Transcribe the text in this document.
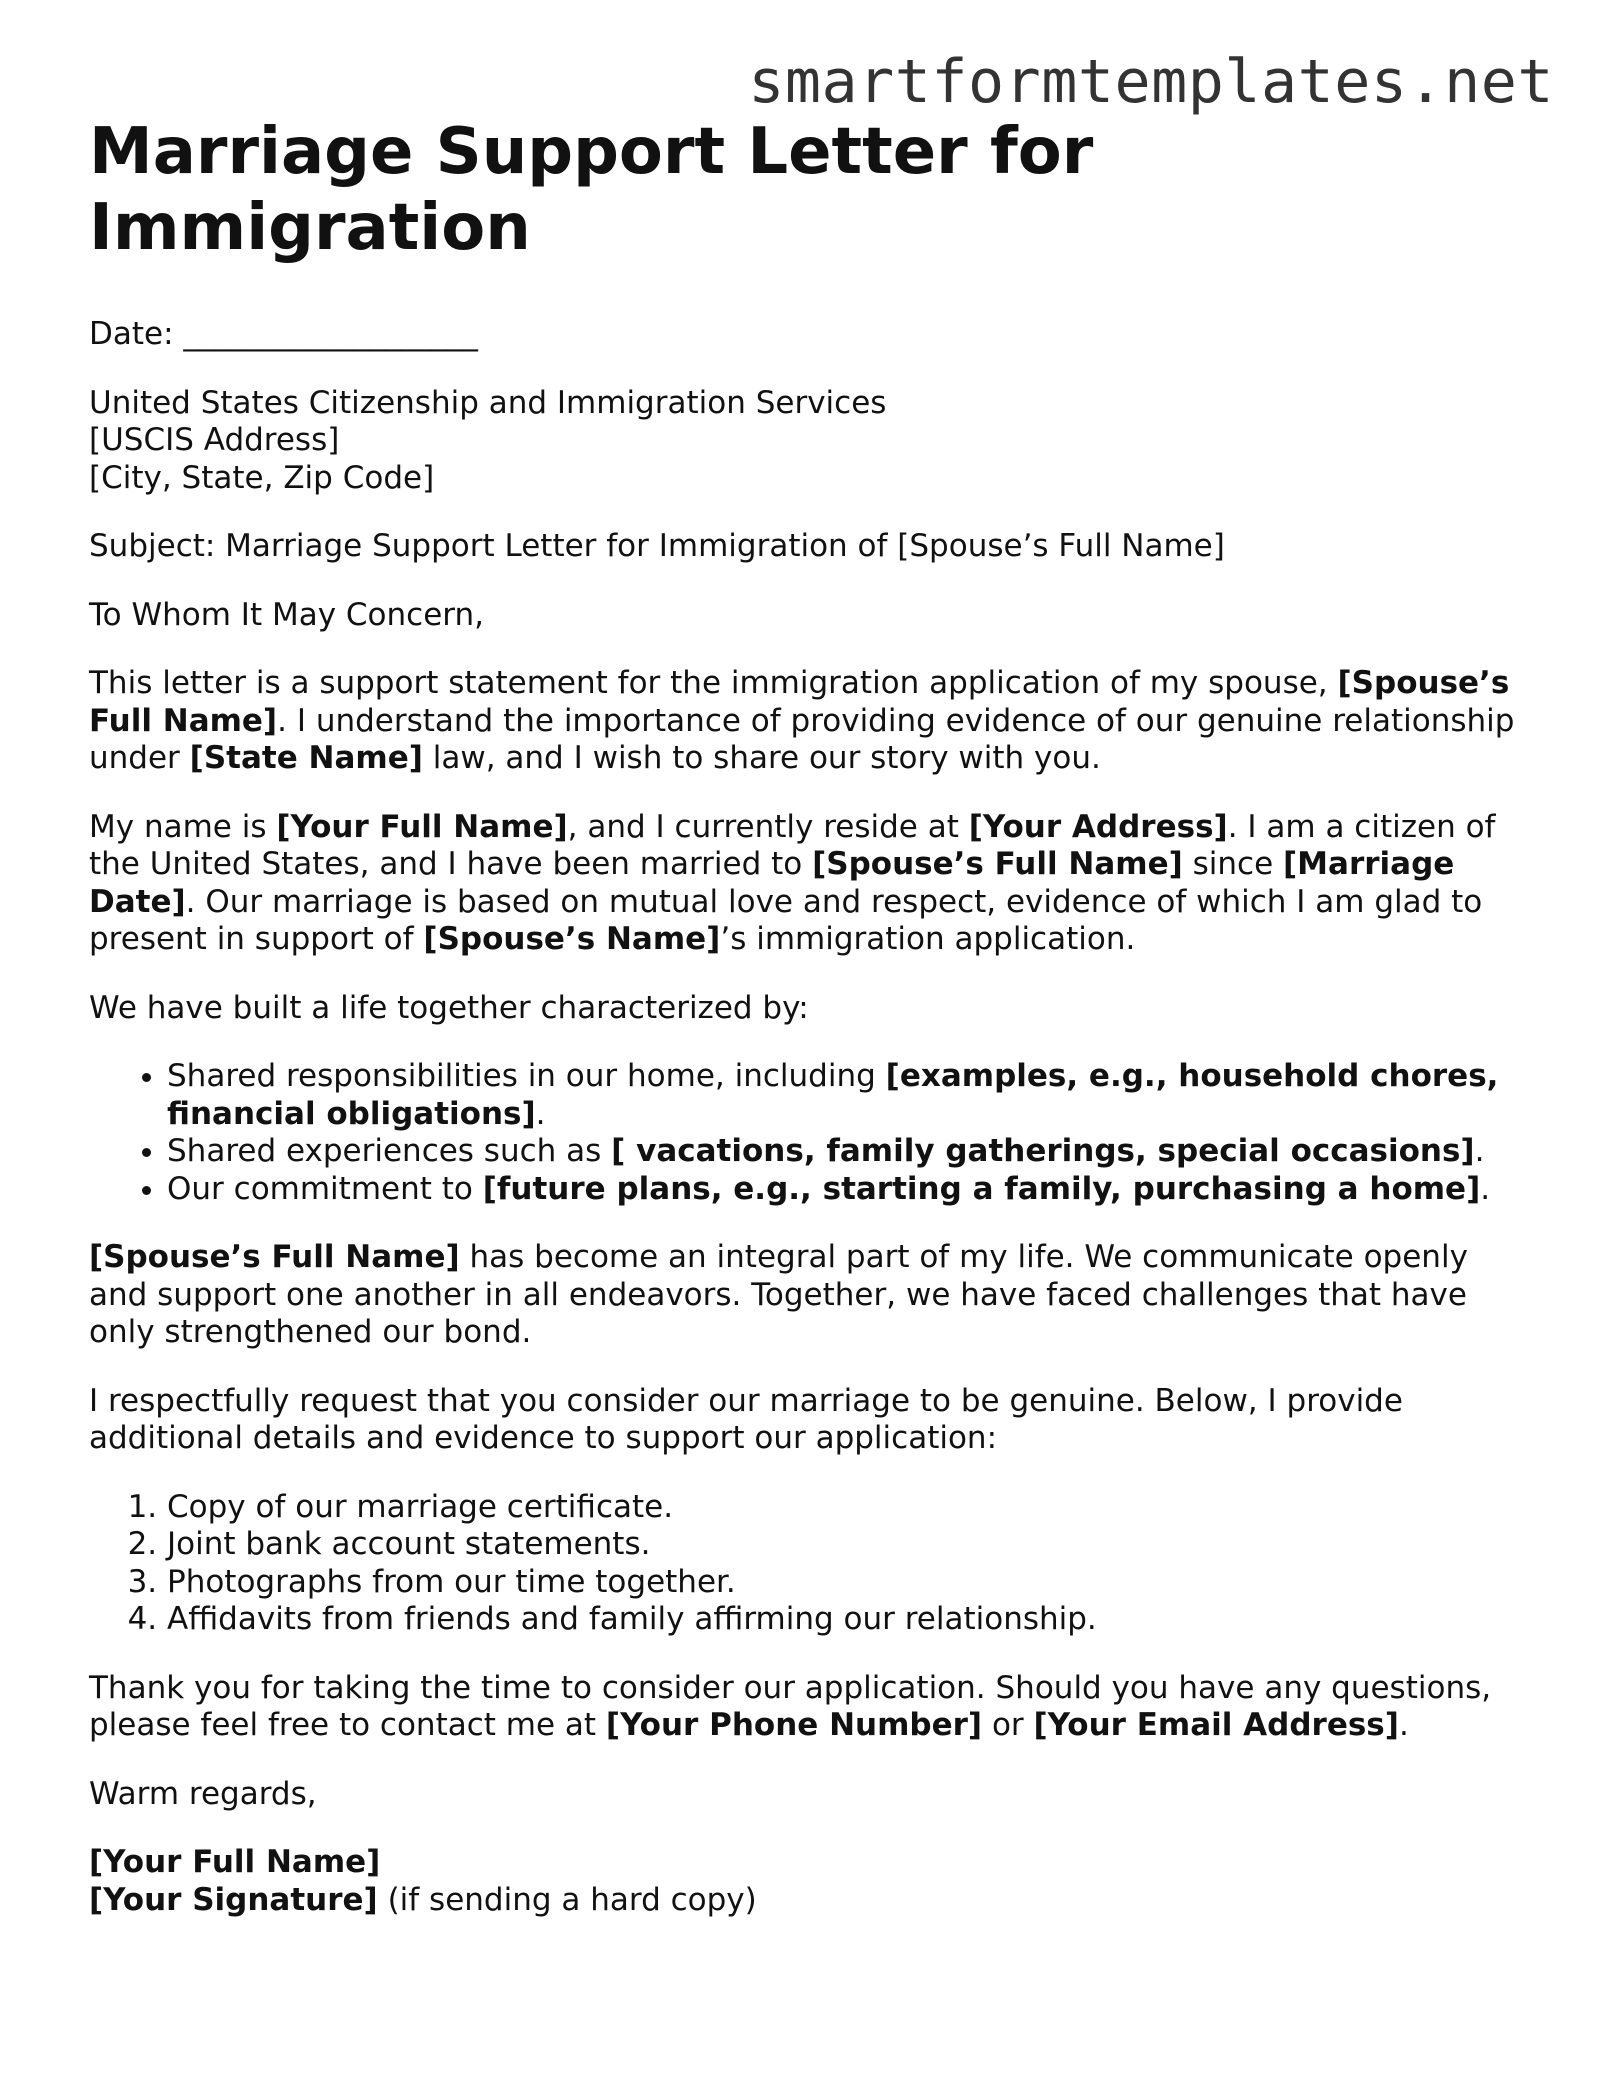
smartformtemplates.net
Marriage Support Letter for Immigration

Date: ___________________

United States Citizenship and Immigration Services
[USCIS Address]
[City, State, Zip Code]

Subject: Marriage Support Letter for Immigration of [Spouse’s Full Name]

To Whom It May Concern,

This letter is a support statement for the immigration application of my spouse, [Spouse’s Full Name]. I understand the importance of providing evidence of our genuine relationship under [State Name] law, and I wish to share our story with you.

My name is [Your Full Name], and I currently reside at [Your Address]. I am a citizen of the United States, and I have been married to [Spouse’s Full Name] since [Marriage Date]. Our marriage is based on mutual love and respect, evidence of which I am glad to present in support of [Spouse’s Name]’s immigration application.

We have built a life together characterized by:

• Shared responsibilities in our home, including [examples, e.g., household chores, financial obligations].
• Shared experiences such as [ vacations, family gatherings, special occasions].
• Our commitment to [future plans, e.g., starting a family, purchasing a home].

[Spouse’s Full Name] has become an integral part of my life. We communicate openly and support one another in all endeavors. Together, we have faced challenges that have only strengthened our bond.

I respectfully request that you consider our marriage to be genuine. Below, I provide additional details and evidence to support our application:

1. Copy of our marriage certificate.
2. Joint bank account statements.
3. Photographs from our time together.
4. Affidavits from friends and family affirming our relationship.

Thank you for taking the time to consider our application. Should you have any questions, please feel free to contact me at [Your Phone Number] or [Your Email Address].

Warm regards,

[Your Full Name]
[Your Signature] (if sending a hard copy)
